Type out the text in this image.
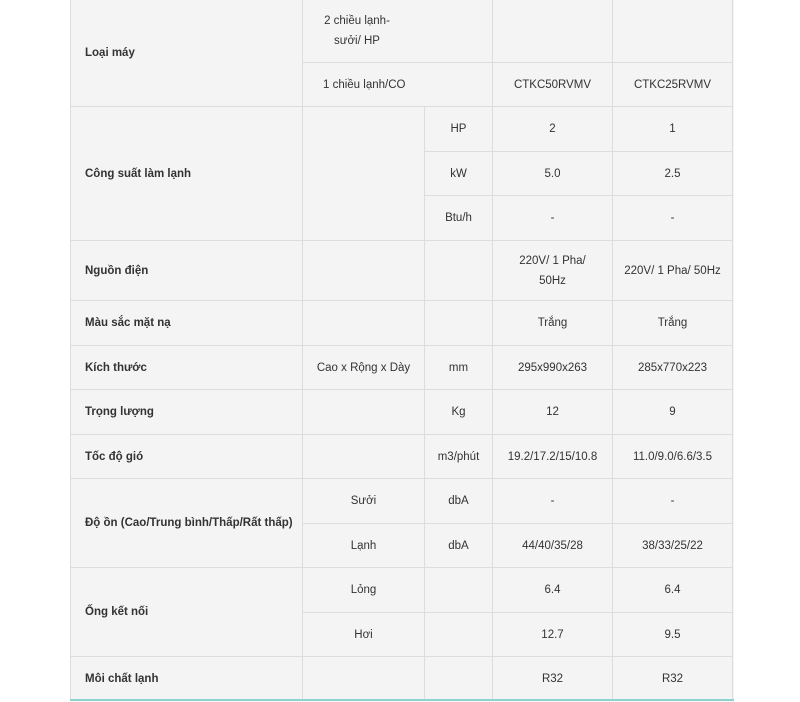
Loại máy	2 chiều lạnh-sưởi/ HP			
	1 chiều lạnh/CO		CTKC50RVMV	CTKC25RVMV
Công suất làm lạnh		HP	2	1
		kW	5.0	2.5
		Btu/h	-	-
Nguồn điện			220V/ 1 Pha/ 50Hz	220V/ 1 Pha/ 50Hz
Màu sắc mặt nạ			Trắng	Trắng
Kích thước	Cao x Rộng x Dày	mm	295x990x263	285x770x223
Trọng lượng		Kg	12	9
Tốc độ gió		m3/phút	19.2/17.2/15/10.8	11.0/9.0/6.6/3.5
Độ ồn (Cao/Trung bình/Thấp/Rất thấp)	Sưởi	dbA	-	-
	Lạnh	dbA	44/40/35/28	38/33/25/22
Ống kết nối	Lỏng		6.4	6.4
	Hơi		12.7	9.5
Môi chất lạnh			R32	R32
